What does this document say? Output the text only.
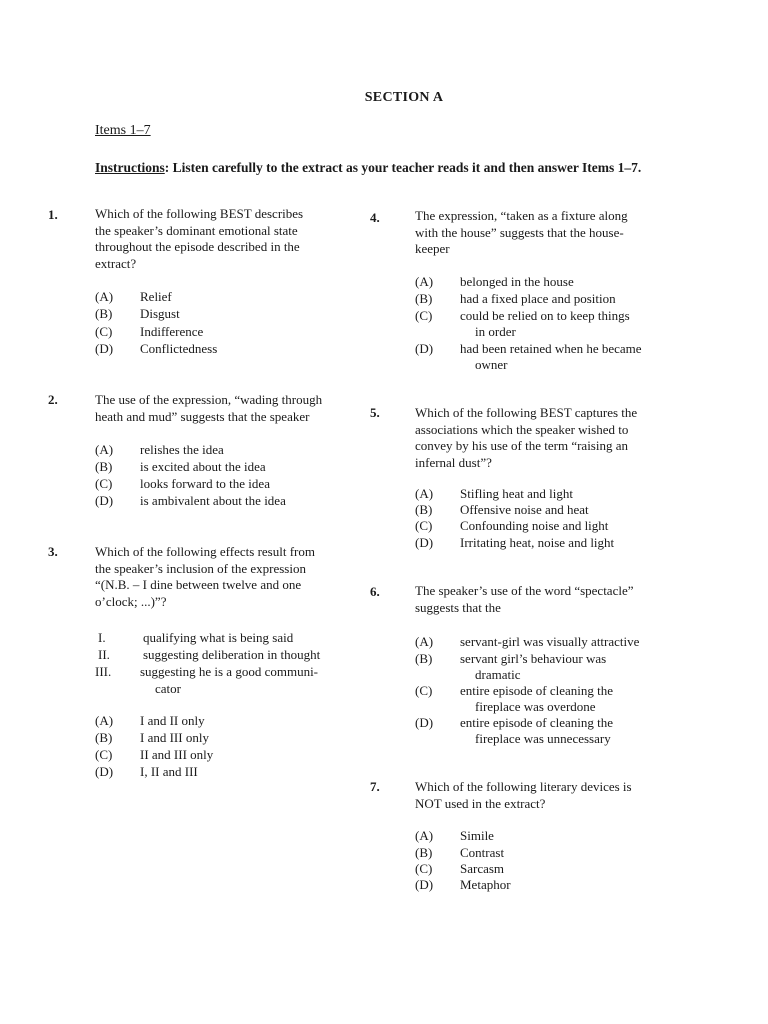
SECTION A
Items 1–7
Instructions: Listen carefully to the extract as your teacher reads it and then answer Items 1–7.
1.	Which of the following BEST describes
the speaker’s dominant emotional state
throughout the episode described in the
extract?
(A) Relief
(B) Disgust
(C) Indifference
(D) Conflictedness
2.	The use of the expression, “wading through
heath and mud” suggests that the speaker
(A) relishes the idea
(B) is excited about the idea
(C) looks forward to the idea
(D) is ambivalent about the idea
3.	Which of the following effects result from
the speaker’s inclusion of the expression
“(N.B. – I dine between twelve and one
o’clock; ...)”?
I.	qualifying what is being said
II.	suggesting deliberation in thought
III. suggesting he is a good communi-
cator
(A) I and II only
(B) I and III only
(C) II and III only
(D) I, II and III
4.	The expression, “taken as a fixture along
with the house” suggests that the house-
keeper
(A) belonged in the house
(B) had a fixed place and position
(C) could be relied on to keep things
in order
(D) had been retained when he became
owner
5.	Which of the following BEST captures the
associations which the speaker wished to
convey by his use of the term “raising an
infernal dust”?
(A) Stifling heat and light
(B) Offensive noise and heat
(C) Confounding noise and light
(D) Irritating heat, noise and light
6.	The speaker’s use of the word “spectacle”
suggests that the
(A) servant-girl was visually attractive
(B) servant girl’s behaviour was
dramatic
(C) entire episode of cleaning the
fireplace was overdone
(D) entire episode of cleaning the
fireplace was unnecessary
7.	Which of the following literary devices is
NOT used in the extract?
(A) Simile
(B) Contrast
(C) Sarcasm
(D) Metaphor
